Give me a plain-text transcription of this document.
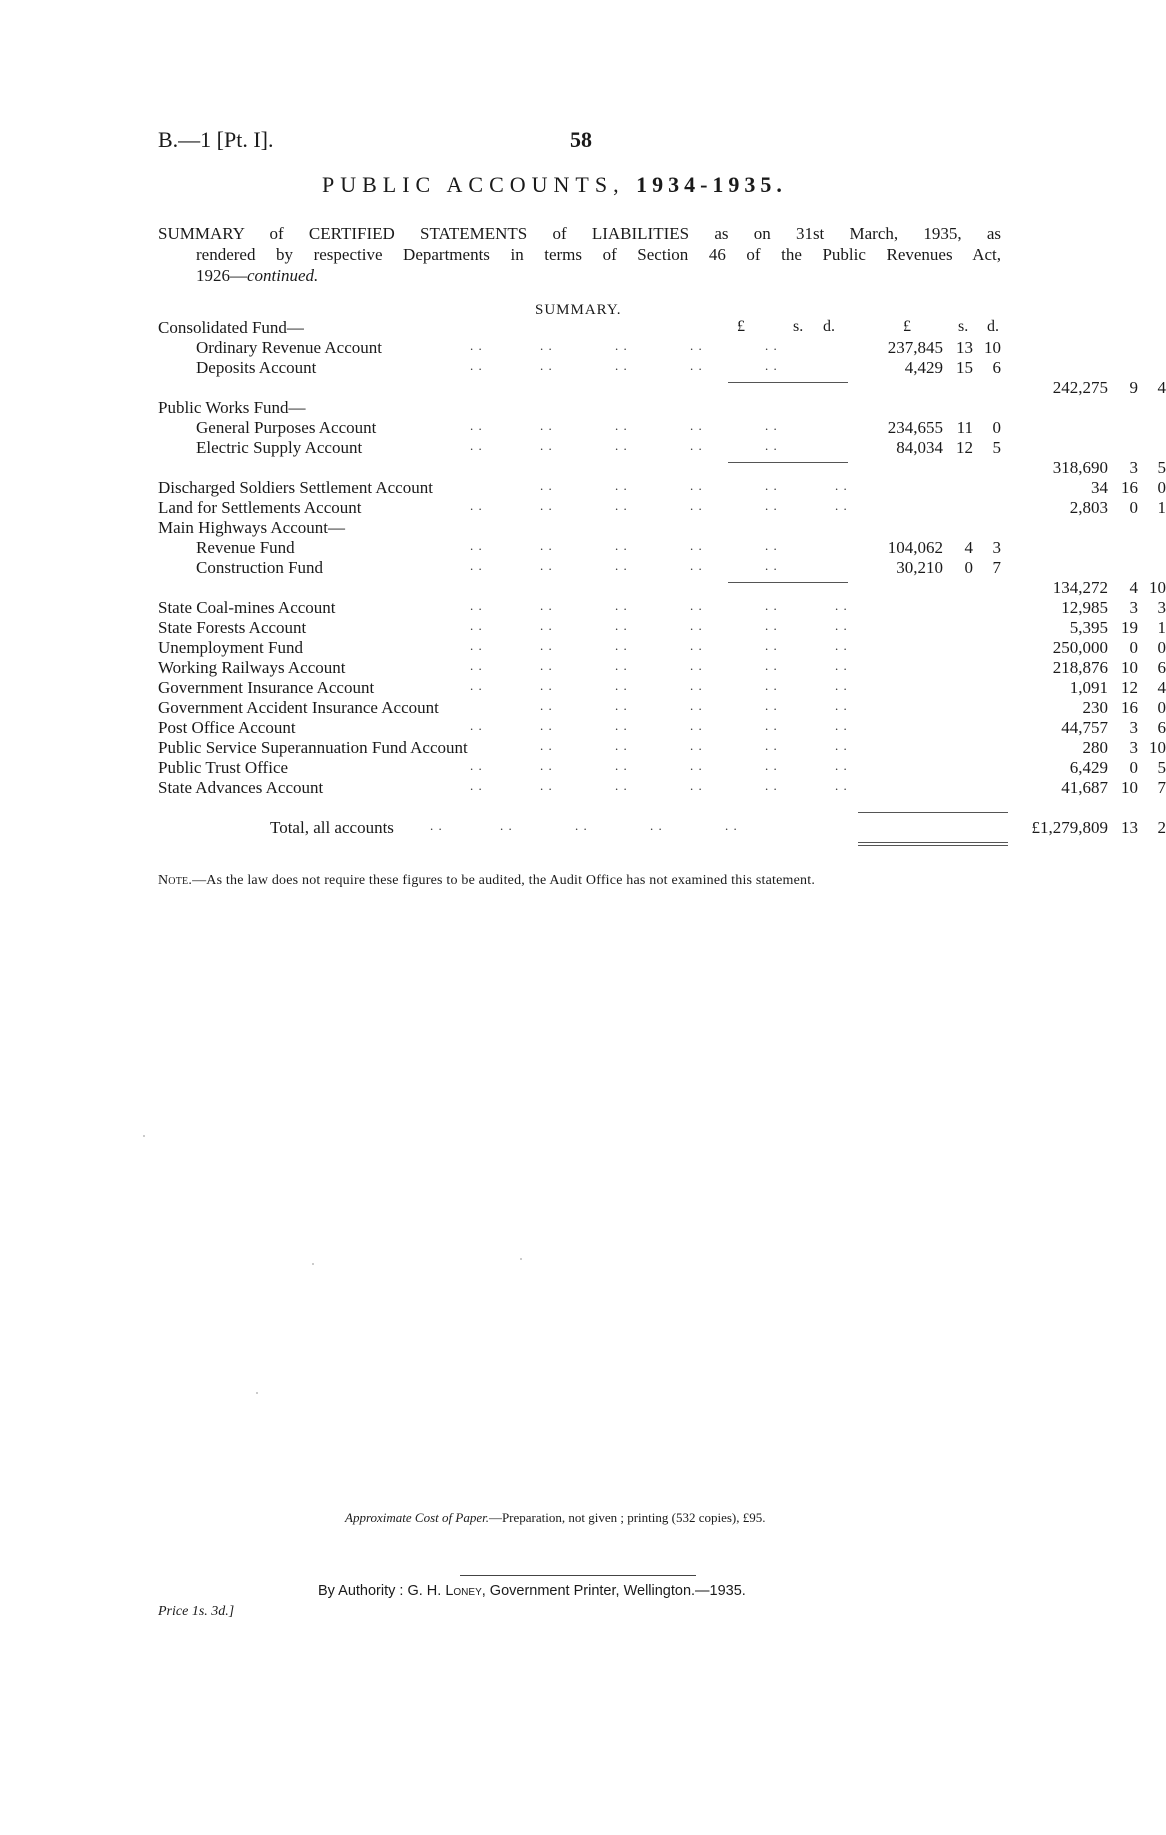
B.—1 [Pt. I].	58
PUBLIC ACCOUNTS, 1934-1935.
SUMMARY of CERTIFIED STATEMENTS of LIABILITIES as on 31st March, 1935, as
rendered by respective Departments in terms of Section 46 of the Public Revenues Act,
1926—continued.
SUMMARY.
£	s. d.	£	s. d.
Consolidated Fund—
Ordinary Revenue Account	. .	. .	. .	. .	. .	237,845 13 10
Deposits Account	. .	. .	. .	. .	. .	4,429 15	6
242,275	9	4
Public Works Fund—
General Purposes Account	. .	. .	. .	. .	. .	234,655 11	0
Electric Supply Account	. .	. .	. .	. .	. .	84,034 12	5
318,690	3	5
Discharged Soldiers Settlement Account	. .	. .	. .	. .	. .	34 16	0
Land for Settlements Account	. .	. .	. .	. .	. .	. .	2,803	0	1
Main Highways Account—
Revenue Fund	. .	. .	. .	. .	. .	104,062	4	3
Construction Fund	. .	. .	. .	. .	. .	30,210	0	7
134,272	4 10
State Coal-mines Account	. .	. .	. .	. .	. .	. .	12,985	3	3
State Forests Account	. .	. .	. .	. .	. .	. .	5,395 19	1
Unemployment Fund	. .	. .	. .	. .	. .	. .	250,000	0	0
Working Railways Account	. .	. .	. .	. .	. .	. .	218,876 10	6
Government Insurance Account	. .	. .	. .	. .	. .	. .	1,091 12	4
Government Accident Insurance Account	. .	. .	. .	. .	. .	230 16	0
Post Office Account	. .	. .	. .	. .	. .	. .	44,757	3	6
Public Service Superannuation Fund Account	. .	. .	. .	. .	. .	280	3 10
Public Trust Office	. .	. .	. .	. .	. .	. .	6,429	0	5
State Advances Account	. .	. .	. .	. .	. .	. .	41,687 10	7
Total, all accounts	. .	. .	. .	. .	. .	£1,279,809 13	2
Note.—As the law does not require these figures to be audited, the Audit Office has not examined this statement.
Approximate Cost of Paper.—Preparation, not given ; printing (532 copies), £95.
By Authority : G. H. Loney, Government Printer, Wellington.—1935.
Price 1s. 3d.]
